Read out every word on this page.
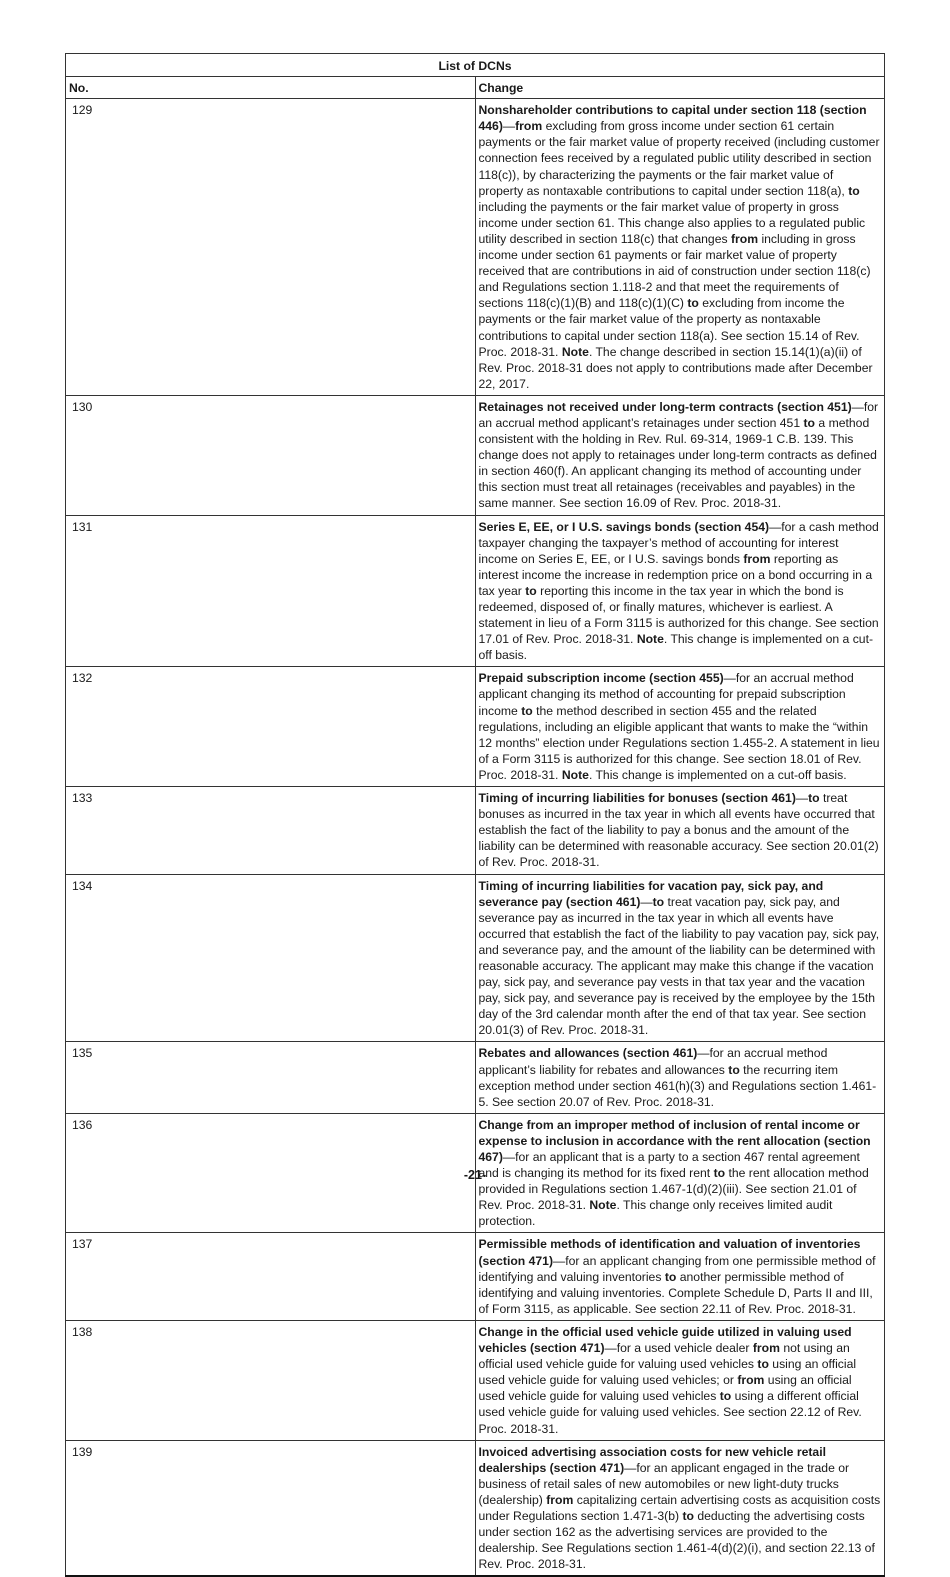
List of DCNs	
No.	Change
129	Nonshareholder contributions to capital under section 118 (section 446)—from excluding from gross income under section 61 certain payments or the fair market value of property received (including customer connection fees received by a regulated public utility described in section 118(c)), by characterizing the payments or the fair market value of property as nontaxable contributions to capital under section 118(a), to including the payments or the fair market value of property in gross income under section 61. This change also applies to a regulated public utility described in section 118(c) that changes from including in gross income under section 61 payments or fair market value of property received that are contributions in aid of construction under section 118(c) and Regulations section 1.118-2 and that meet the requirements of sections 118(c)(1)(B) and 118(c)(1)(C) to excluding from income the payments or the fair market value of the property as nontaxable contributions to capital under section 118(a). See section 15.14 of Rev. Proc. 2018-31. Note. The change described in section 15.14(1)(a)(ii) of Rev. Proc. 2018-31 does not apply to contributions made after December 22, 2017.
130	Retainages not received under long-term contracts (section 451)—for an accrual method applicant’s retainages under section 451 to a method consistent with the holding in Rev. Rul. 69-314, 1969-1 C.B. 139. This change does not apply to retainages under long-term contracts as defined in section 460(f). An applicant changing its method of accounting under this section must treat all retainages (receivables and payables) in the same manner. See section 16.09 of Rev. Proc. 2018-31.
131	Series E, EE, or I U.S. savings bonds (section 454)—for a cash method taxpayer changing the taxpayer’s method of accounting for interest income on Series E, EE, or I U.S. savings bonds from reporting as interest income the increase in redemption price on a bond occurring in a tax year to reporting this income in the tax year in which the bond is redeemed, disposed of, or finally matures, whichever is earliest. A statement in lieu of a Form 3115 is authorized for this change. See section 17.01 of Rev. Proc. 2018-31. Note. This change is implemented on a cut-off basis.
132	Prepaid subscription income (section 455)—for an accrual method applicant changing its method of accounting for prepaid subscription income to the method described in section 455 and the related regulations, including an eligible applicant that wants to make the “within 12 months” election under Regulations section 1.455-2. A statement in lieu of a Form 3115 is authorized for this change. See section 18.01 of Rev. Proc. 2018-31. Note. This change is implemented on a cut-off basis.
133	Timing of incurring liabilities for bonuses (section 461)—to treat bonuses as incurred in the tax year in which all events have occurred that establish the fact of the liability to pay a bonus and the amount of the liability can be determined with reasonable accuracy. See section 20.01(2) of Rev. Proc. 2018-31.
134	Timing of incurring liabilities for vacation pay, sick pay, and severance pay (section 461)—to treat vacation pay, sick pay, and severance pay as incurred in the tax year in which all events have occurred that establish the fact of the liability to pay vacation pay, sick pay, and severance pay, and the amount of the liability can be determined with reasonable accuracy. The applicant may make this change if the vacation pay, sick pay, and severance pay vests in that tax year and the vacation pay, sick pay, and severance pay is received by the employee by the 15th day of the 3rd calendar month after the end of that tax year. See section 20.01(3) of Rev. Proc. 2018-31.
135	Rebates and allowances (section 461)—for an accrual method applicant’s liability for rebates and allowances to the recurring item exception method under section 461(h)(3) and Regulations section 1.461-5. See section 20.07 of Rev. Proc. 2018-31.
136	Change from an improper method of inclusion of rental income or expense to inclusion in accordance with the rent allocation (section 467)—for an applicant that is a party to a section 467 rental agreement and is changing its method for its fixed rent to the rent allocation method provided in Regulations section 1.467-1(d)(2)(iii). See section 21.01 of Rev. Proc. 2018-31. Note. This change only receives limited audit protection.
137	Permissible methods of identification and valuation of inventories (section 471)—for an applicant changing from one permissible method of identifying and valuing inventories to another permissible method of identifying and valuing inventories. Complete Schedule D, Parts II and III, of Form 3115, as applicable. See section 22.11 of Rev. Proc. 2018-31.
138	Change in the official used vehicle guide utilized in valuing used vehicles (section 471)—for a used vehicle dealer from not using an official used vehicle guide for valuing used vehicles to using an official used vehicle guide for valuing used vehicles; or from using an official used vehicle guide for valuing used vehicles to using a different official used vehicle guide for valuing used vehicles. See section 22.12 of Rev. Proc. 2018-31.
139	Invoiced advertising association costs for new vehicle retail dealerships (section 471)—for an applicant engaged in the trade or business of retail sales of new automobiles or new light-duty trucks (dealership) from capitalizing certain advertising costs as acquisition costs under Regulations section 1.471-3(b) to deducting the advertising costs under section 162 as the advertising services are provided to the dealership. See Regulations section 1.461-4(d)(2)(i), and section 22.13 of Rev. Proc. 2018-31.
-21-
